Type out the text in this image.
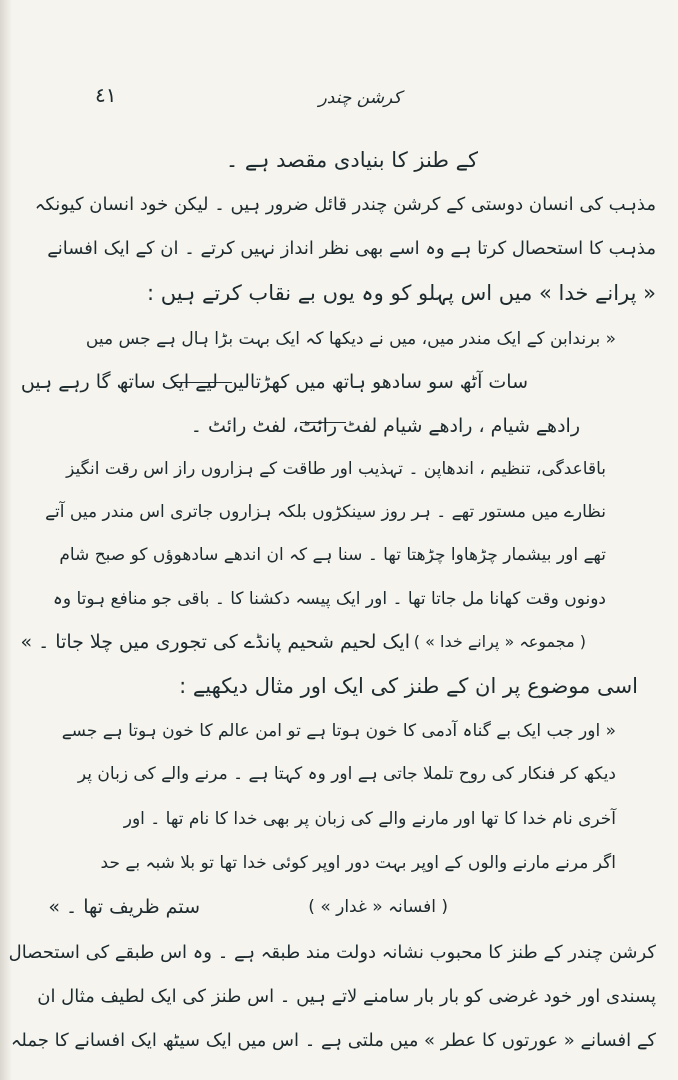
٤١	کرشن چندر
کے طنز کا بنیادی مقصد ہے ۔
مذہب کی انسان دوستی کے کرشن چندر قائل ضرور ہیں ۔ لیکن خود انسان کیونکہ
مذہب کا استحصال کرتا ہے وہ اسے بھی نظر انداز نہیں کرتے ۔ ان کے ایک افسانے
« پرانے خدا » میں اس پہلو کو وہ یوں بے نقاب کرتے ہیں :
« برندابن کے ایک مندر میں، میں نے دیکھا کہ ایک بہت بڑا ہال ہے جس میں
سات آٹھ سو سادھو ہاتھ میں کھڑتالیں لیے ایک ساتھ گا رہے ہیں
رادھے شیام ، رادھے شیام لفٹ رائٹ، لفٹ رائٹ ۔
باقاعدگی، تنظیم ، اندھاپن ۔ تہذیب اور طاقت کے ہزاروں راز اس رقت انگیز
نظارے میں مستور تھے ۔ ہر روز سینکڑوں بلکہ ہزاروں جاتری اس مندر میں آتے
تھے اور بیشمار چڑھاوا چڑھتا تھا ۔ سنا ہے کہ ان اندھے سادھوؤں کو صبح شام
دونوں وقت کھانا مل جاتا تھا ۔ اور ایک پیسہ دکشنا کا ۔ باقی جو منافع ہوتا وہ
ایک لحیم شحیم پانڈے کی تجوری میں چلا جاتا ۔ » ( مجموعہ « پرانے خدا » )
اسی موضوع پر ان کے طنز کی ایک اور مثال دیکھیے :
« اور جب ایک بے گناہ آدمی کا خون ہوتا ہے تو امن عالم کا خون ہوتا ہے جسے
دیکھ کر فنکار کی روح تلملا جاتی ہے اور وہ کہتا ہے ۔ مرنے والے کی زبان پر
آخری نام خدا کا تھا اور مارنے والے کی زبان پر بھی خدا کا نام تھا ۔ اور
اگر مرنے مارنے والوں کے اوپر بہت دور اوپر کوئی خدا تھا تو بلا شبہ بے حد
ستم ظریف تھا ۔ »	( افسانہ « غدار » )
کرشن چندر کے طنز کا محبوب نشانہ دولت مند طبقہ ہے ۔ وہ اس طبقے کی استحصال
پسندی اور خود غرضی کو بار بار سامنے لاتے ہیں ۔ اس طنز کی ایک لطیف مثال ان
کے افسانے « عورتوں کا عطر » میں ملتی ہے ۔ اس میں ایک سیٹھ ایک افسانے کا جملہ
